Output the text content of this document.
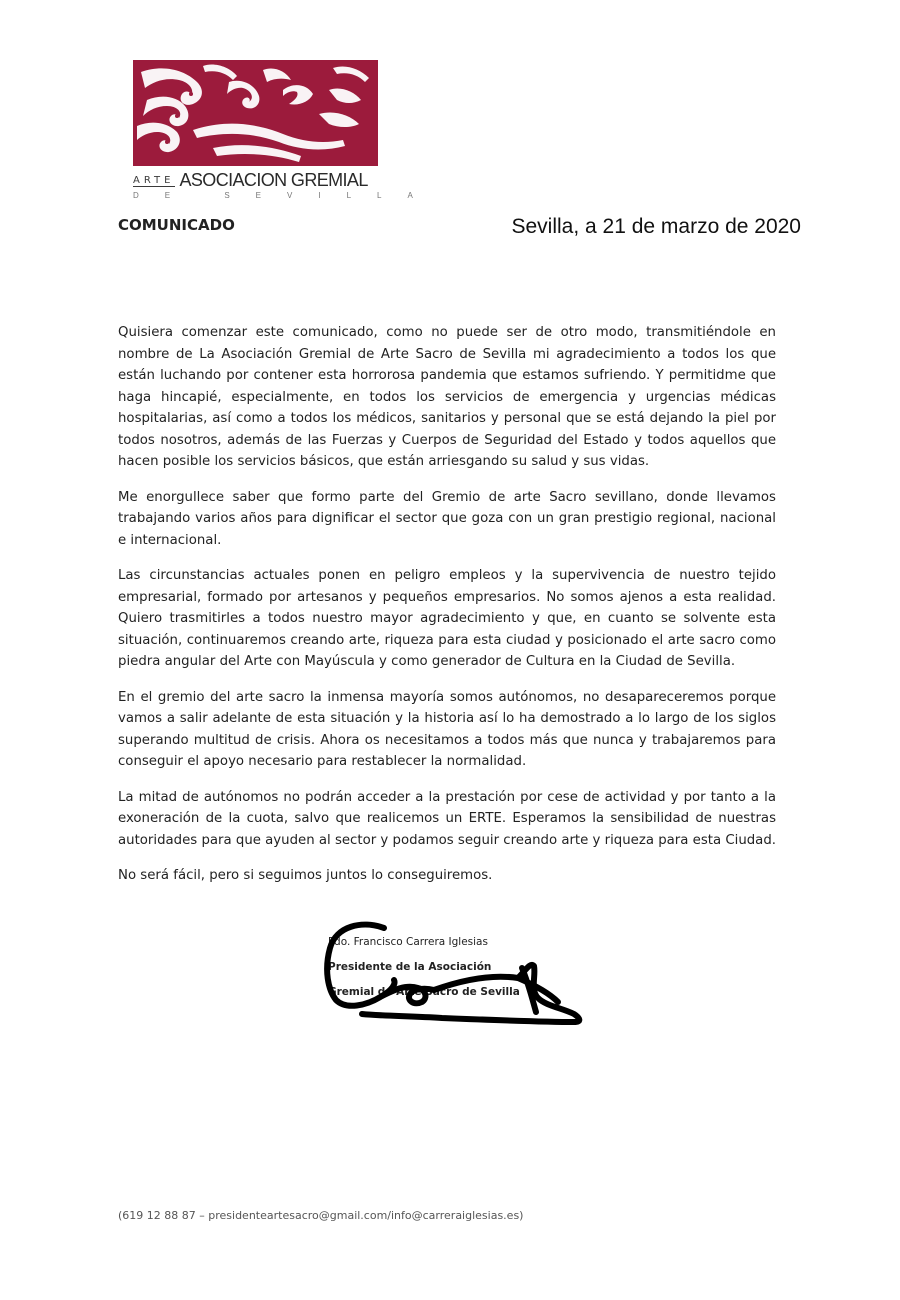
ARTE ASOCIACION GREMIAL
DE SEVILLA
COMUNICADO	Sevilla, a 21 de marzo de 2020

Quisiera comenzar este comunicado, como no puede ser de otro modo, transmitiéndole en nombre de La Asociación Gremial de Arte Sacro de Sevilla mi agradecimiento a todos los que están luchando por contener esta horrorosa pandemia que estamos sufriendo. Y permitidme que haga hincapié, especialmente, en todos los servicios de emergencia y urgencias médicas hospitalarias, así como a todos los médicos, sanitarios y personal que se está dejando la piel por todos nosotros, además de las Fuerzas y Cuerpos de Seguridad del Estado y todos aquellos que hacen posible los servicios básicos, que están arriesgando su salud y sus vidas.

Me enorgullece saber que formo parte del Gremio de arte Sacro sevillano, donde llevamos trabajando varios años para dignificar el sector que goza con un gran prestigio regional, nacional e internacional.

Las circunstancias actuales ponen en peligro empleos y la supervivencia de nuestro tejido empresarial, formado por artesanos y pequeños empresarios. No somos ajenos a esta realidad. Quiero trasmitirles a todos nuestro mayor agradecimiento y que, en cuanto se solvente esta situación, continuaremos creando arte, riqueza para esta ciudad y posicionado el arte sacro como piedra angular del Arte con Mayúscula y como generador de Cultura en la Ciudad de Sevilla.

En el gremio del arte sacro la inmensa mayoría somos autónomos, no desapareceremos porque vamos a salir adelante de esta situación y la historia así lo ha demostrado a lo largo de los siglos superando multitud de crisis. Ahora os necesitamos a todos más que nunca y trabajaremos para conseguir el apoyo necesario para restablecer la normalidad.

La mitad de autónomos no podrán acceder a la prestación por cese de actividad y por tanto a la exoneración de la cuota, salvo que realicemos un ERTE. Esperamos la sensibilidad de nuestras autoridades para que ayuden al sector y podamos seguir creando arte y riqueza para esta Ciudad.

No será fácil, pero si seguimos juntos lo conseguiremos.

Fdo. Francisco Carrera Iglesias
Presidente de la Asociación
Gremial de Arte Sacro de Sevilla
(619 12 88 87 – presidenteartesacro@gmail.com/info@carreraiglesias.es)
